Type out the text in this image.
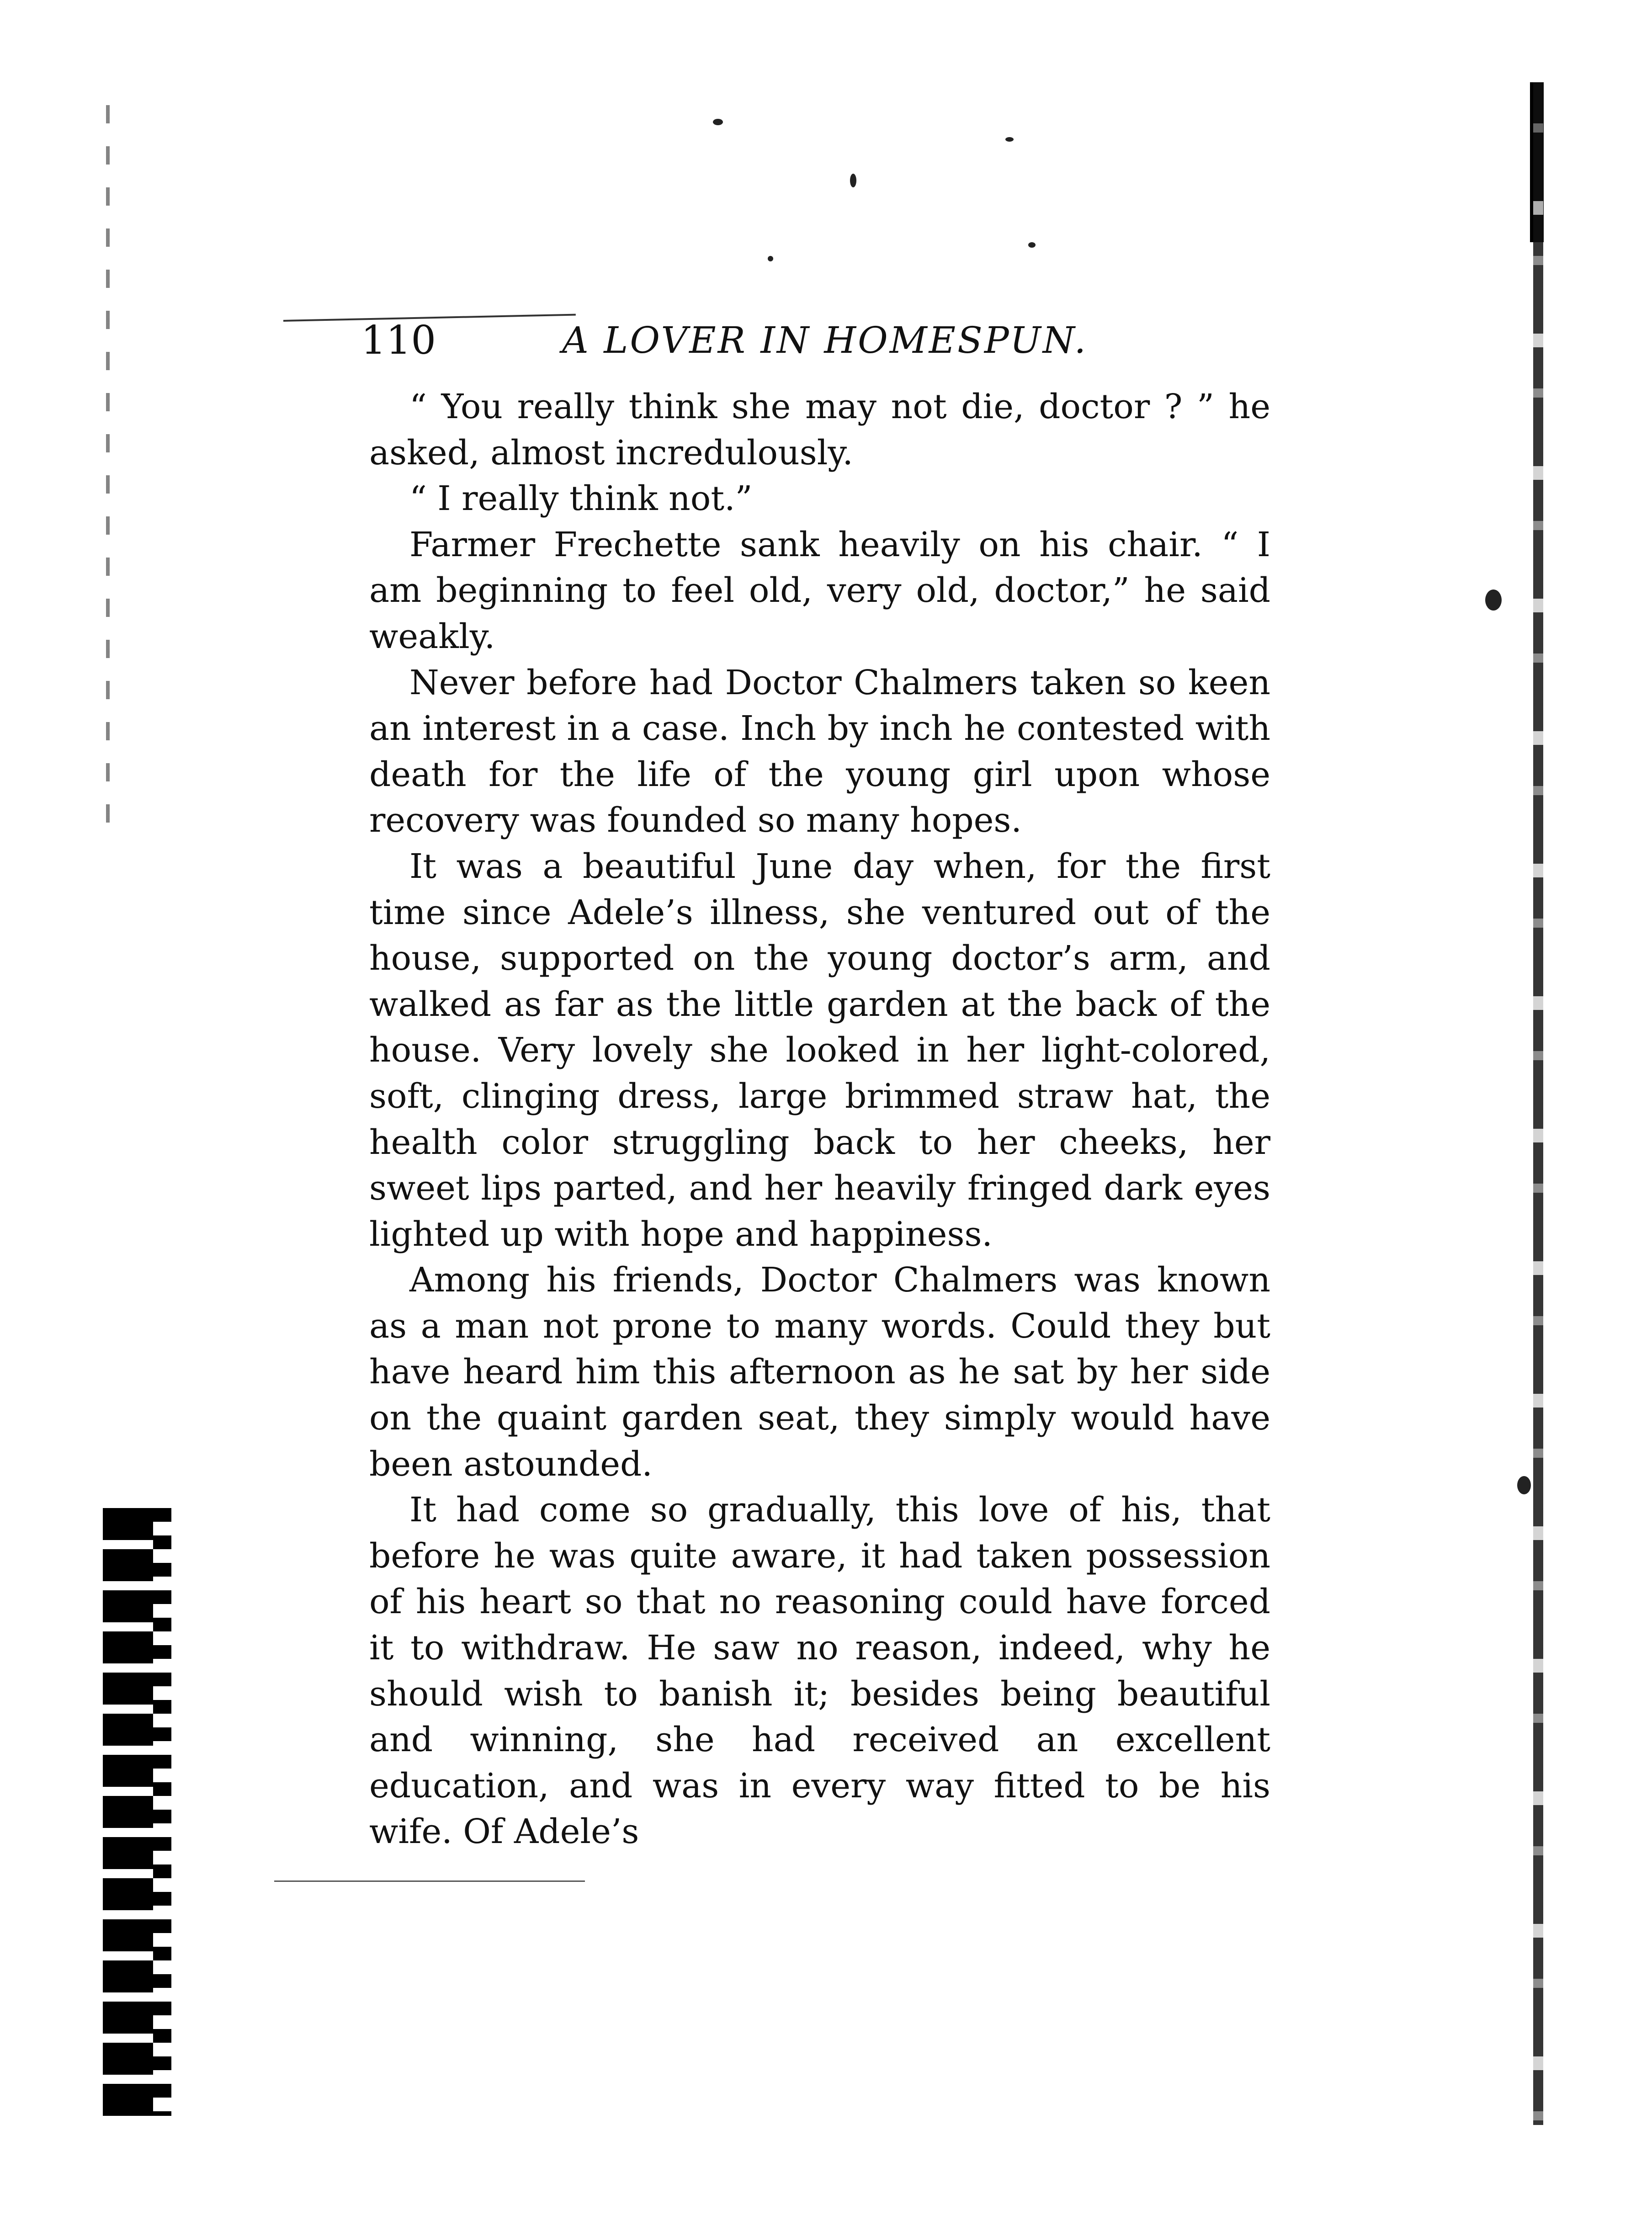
110	A LOVER IN HOMESPUN.

“ You really think she may not die, doctor ? ” he asked, almost incredulously.

“ I really think not.”

Farmer Frechette sank heavily on his chair. “ I am beginning to feel old, very old, doctor,” he said weakly.

Never before had Doctor Chalmers taken so keen an interest in a case. Inch by inch he contested with death for the life of the young girl upon whose recovery was founded so many hopes.

It was a beautiful June day when, for the first time since Adele’s illness, she ventured out of the house, supported on the young doctor’s arm, and walked as far as the little garden at the back of the house. Very lovely she looked in her light-colored, soft, clinging dress, large brimmed straw hat, the health color struggling back to her cheeks, her sweet lips parted, and her heavily fringed dark eyes lighted up with hope and happiness.

Among his friends, Doctor Chalmers was known as a man not prone to many words. Could they but have heard him this afternoon as he sat by her side on the quaint garden seat, they simply would have been astounded.

It had come so gradually, this love of his, that before he was quite aware, it had taken possession of his heart so that no reasoning could have forced it to withdraw. He saw no reason, indeed, why he should wish to banish it; besides being beautiful and winning, she had received an excellent education, and was in every way fitted to be his wife. Of Adele’s
